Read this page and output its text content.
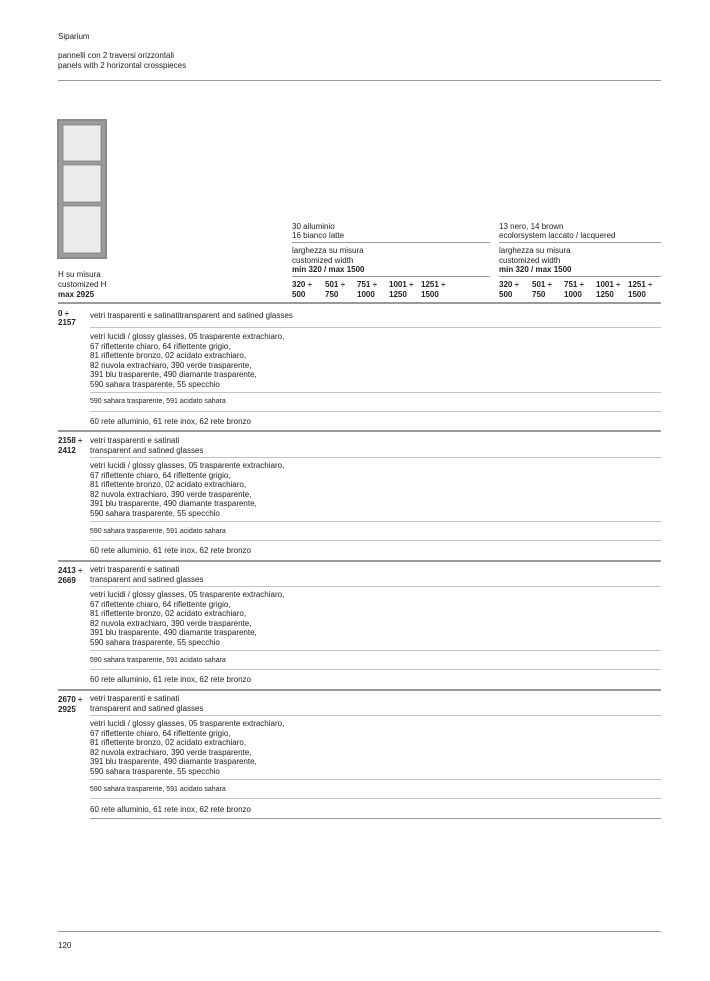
Siparium
pannelli con 2 traversi orizzontali
panels with 2 horizontal crosspieces
H su misura
customized H
max 2925
30 alluminio
16 bianco latte
larghezza su misura
customized width
min 320 / max 1500
320 ÷
500
501 ÷
750
751 ÷
1000
1001 ÷
1250
1251 ÷
1500
13 nero, 14 brown
ecolorsystem laccato / lacquered
larghezza su misura
customized width
min 320 / max 1500
320 ÷
500
501 ÷
750
751 ÷
1000
1001 ÷
1250
1251 ÷
1500
0 ÷
2157
vetri trasparenti e satinatitransparent and satined glasses
vetri lucidi / glossy glasses, 05 trasparente extrachiaro,
67 riflettente chiaro, 64 riflettente grigio,
81 riflettente bronzo, 02 acidato extrachiaro,
82 nuvola extrachiaro, 390 verde trasparente,
391 blu trasparente, 490 diamante trasparente,
590 sahara trasparente, 55 specchio
590 sahara trasparente, 591 acidato sahara
60 rete alluminio, 61 rete inox, 62 rete bronzo
2158 ÷
2412
vetri trasparenti e satinati
transparent and satined glasses
vetri lucidi / glossy glasses, 05 trasparente extrachiaro,
67 riflettente chiaro, 64 riflettente grigio,
81 riflettente bronzo, 02 acidato extrachiaro,
82 nuvola extrachiaro, 390 verde trasparente,
391 blu trasparente, 490 diamante trasparente,
590 sahara trasparente, 55 specchio
590 sahara trasparente, 591 acidato sahara
60 rete alluminio, 61 rete inox, 62 rete bronzo
2413 ÷
2669
vetri trasparenti e satinati
transparent and satined glasses
vetri lucidi / glossy glasses, 05 trasparente extrachiaro,
67 riflettente chiaro, 64 riflettente grigio,
81 riflettente bronzo, 02 acidato extrachiaro,
82 nuvola extrachiaro, 390 verde trasparente,
391 blu trasparente, 490 diamante trasparente,
590 sahara trasparente, 55 specchio
590 sahara trasparente, 591 acidato sahara
60 rete alluminio, 61 rete inox, 62 rete bronzo
2670 ÷
2925
vetri trasparenti e satinati
transparent and satined glasses
vetri lucidi / glossy glasses, 05 trasparente extrachiaro,
67 riflettente chiaro, 64 riflettente grigio,
81 riflettente bronzo, 02 acidato extrachiaro,
82 nuvola extrachiaro, 390 verde trasparente,
391 blu trasparente, 490 diamante trasparente,
590 sahara trasparente, 55 specchio
590 sahara trasparente, 591 acidato sahara
60 rete alluminio, 61 rete inox, 62 rete bronzo
120
